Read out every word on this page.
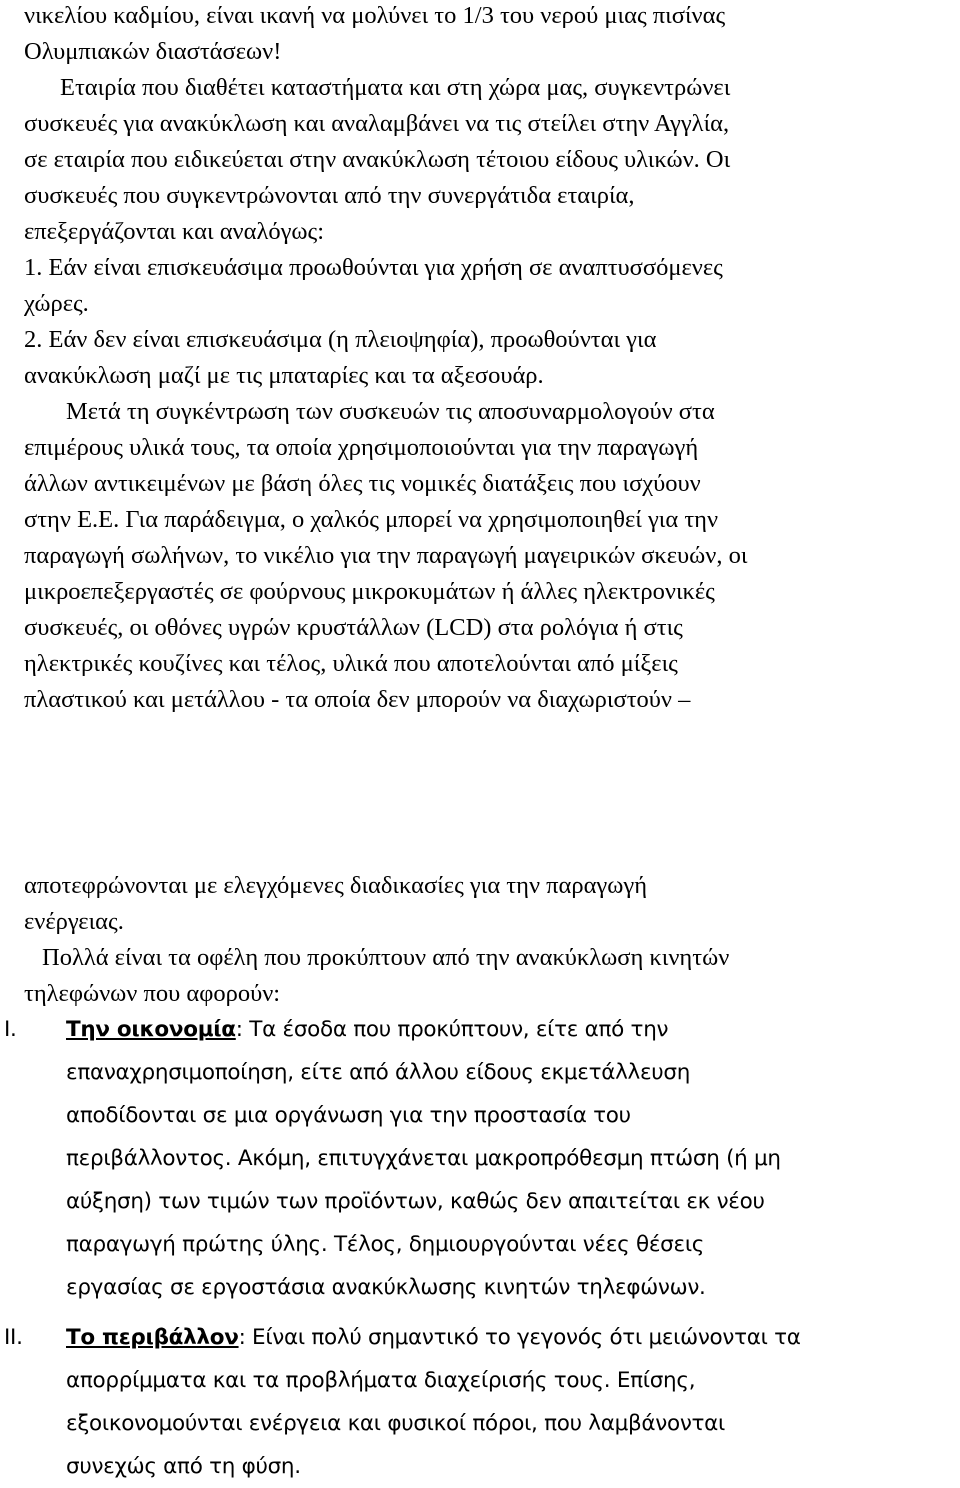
νικελίου καδμίου, είναι ικανή να μολύνει το 1/3 του νερού μιας πισίνας
Ολυμπιακών διαστάσεων!
Εταιρία που διαθέτει καταστήματα και στη χώρα μας, συγκεντρώνει
συσκευές για ανακύκλωση και αναλαμβάνει να τις στείλει στην Αγγλία,
σε εταιρία που ειδικεύεται στην ανακύκλωση τέτοιου είδους υλικών. Οι
συσκευές που συγκεντρώνονται από την συνεργάτιδα εταιρία,
επεξεργάζονται και αναλόγως:
1. Εάν είναι επισκευάσιμα προωθούνται για χρήση σε αναπτυσσόμενες
χώρες.
2. Εάν δεν είναι επισκευάσιμα (η πλειοψηφία), προωθούνται για
ανακύκλωση μαζί με τις μπαταρίες και τα αξεσουάρ.
Μετά τη συγκέντρωση των συσκευών τις αποσυναρμολογούν στα
επιμέρους υλικά τους, τα οποία χρησιμοποιούνται για την παραγωγή
άλλων αντικειμένων με βάση όλες τις νομικές διατάξεις που ισχύουν
στην Ε.Ε. Για παράδειγμα, ο χαλκός μπορεί να χρησιμοποιηθεί για την
παραγωγή σωλήνων, το νικέλιο για την παραγωγή μαγειρικών σκευών, οι
μικροεπεξεργαστές σε φούρνους μικροκυμάτων ή άλλες ηλεκτρονικές
συσκευές, οι οθόνες υγρών κρυστάλλων (LCD) στα ρολόγια ή στις
ηλεκτρικές κουζίνες και τέλος, υλικά που αποτελούνται από μίξεις
πλαστικού και μετάλλου - τα οποία δεν μπορούν να διαχωριστούν –
αποτεφρώνονται με ελεγχόμενες διαδικασίες για την παραγωγή
ενέργειας.
Πολλά είναι τα οφέλη που προκύπτουν από την ανακύκλωση κινητών
τηλεφώνων που αφορούν:
I. Την οικονομία: Τα έσοδα που προκύπτουν, είτε από την
επαναχρησιμοποίηση, είτε από άλλου είδους εκμετάλλευση
αποδίδονται σε μια οργάνωση για την προστασία του
περιβάλλοντος. Ακόμη, επιτυγχάνεται μακροπρόθεσμη πτώση (ή μη
αύξηση) των τιμών των προϊόντων, καθώς δεν απαιτείται εκ νέου
παραγωγή πρώτης ύλης. Τέλος, δημιουργούνται νέες θέσεις
εργασίας σε εργοστάσια ανακύκλωσης κινητών τηλεφώνων.
II. Το περιβάλλον: Είναι πολύ σημαντικό το γεγονός ότι μειώνονται τα
απορρίμματα και τα προβλήματα διαχείρισής τους. Επίσης,
εξοικονομούνται ενέργεια και φυσικοί πόροι, που λαμβάνονται
συνεχώς από τη φύση.
